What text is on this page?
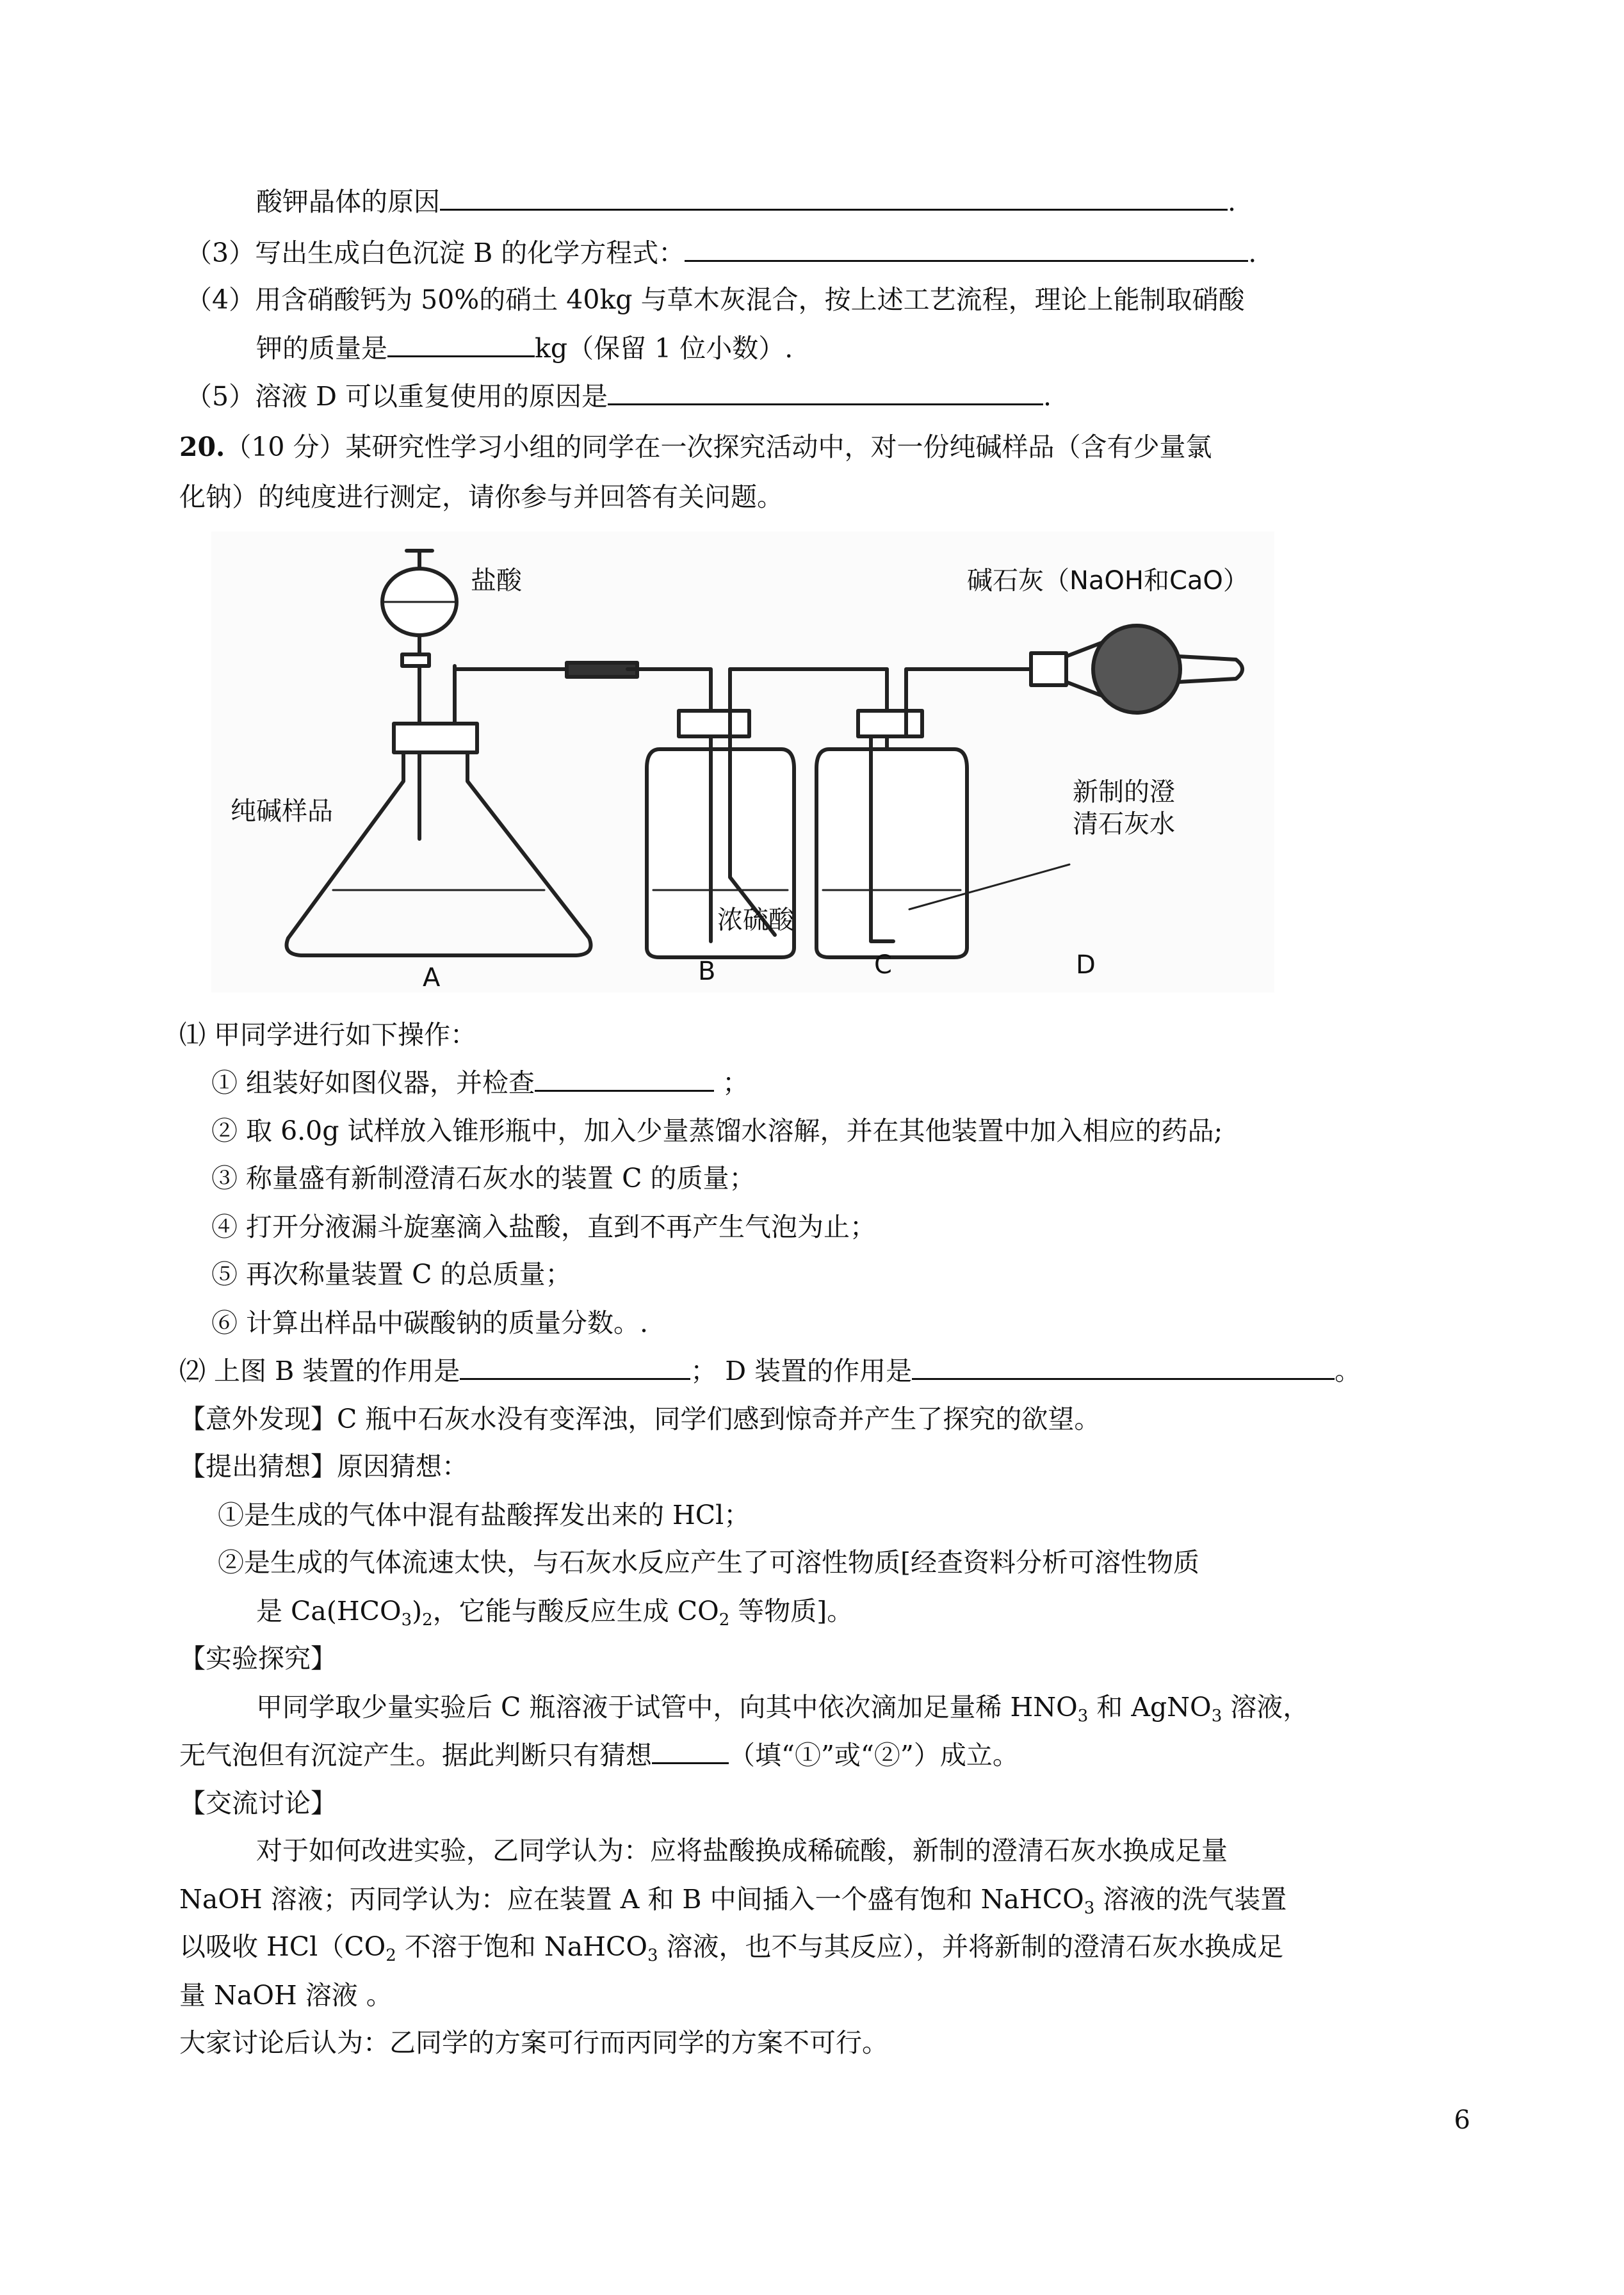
酸钾晶体的原因	.
（3）写出生成白色沉淀 B 的化学方程式：	.
（4）用含硝酸钙为 50%的硝土 40kg 与草木灰混合，按上述工艺流程，理论上能制取硝酸
钾的质量是	kg（保留 1 位小数）.
（5）溶液 D 可以重复使用的原因是	.
20.（10 分）某研究性学习小组的同学在一次探究活动中，对一份纯碱样品（含有少量氯
化钠）的纯度进行测定，请你参与并回答有关问题。
盐酸	碱石灰（NaOH和CaO）
纯碱样品
新制的澄
清石灰水
浓硫酸
A	B	C	D
⑴ 甲同学进行如下操作：
① 组装好如图仪器，并检查	；
② 取 6.0g 试样放入锥形瓶中，加入少量蒸馏水溶解，并在其他装置中加入相应的药品;
③ 称量盛有新制澄清石灰水的装置 C 的质量；
④ 打开分液漏斗旋塞滴入盐酸，直到不再产生气泡为止；
⑤ 再次称量装置 C 的总质量；
⑥ 计算出样品中碳酸钠的质量分数。.
⑵ 上图 B 装置的作用是	； D 装置的作用是	。
【意外发现】C 瓶中石灰水没有变浑浊，同学们感到惊奇并产生了探究的欲望。
【提出猜想】原因猜想：
①是生成的气体中混有盐酸挥发出来的 HCl；
②是生成的气体流速太快，与石灰水反应产生了可溶性物质[经查资料分析可溶性物质
是 $Ca(HCO_3)_2$，它能与酸反应生成 $CO_2$ 等物质]。
【实验探究】
甲同学取少量实验后 C 瓶溶液于试管中，向其中依次滴加足量稀 $HNO_3$ 和 AgNO$_3$ 溶液，
无气泡但有沉淀产生。据此判断只有猜想	（填“①”或“②”）成立。
【交流讨论】
对于如何改进实验，乙同学认为：应将盐酸换成稀硫酸，新制的澄清石灰水换成足量
NaOH 溶液；丙同学认为：应在装置 A 和 B 中间插入一个盛有饱和 NaHCO$_3$ 溶液的洗气装置
以吸收 $HCl(CO_2$ 不溶于饱和 NaHCO$_3$ 溶液，也不与其反应），并将新制的澄清石灰水换成足
量 NaOH 溶液 。
大家讨论后认为：乙同学的方案可行而丙同学的方案不可行。
6
